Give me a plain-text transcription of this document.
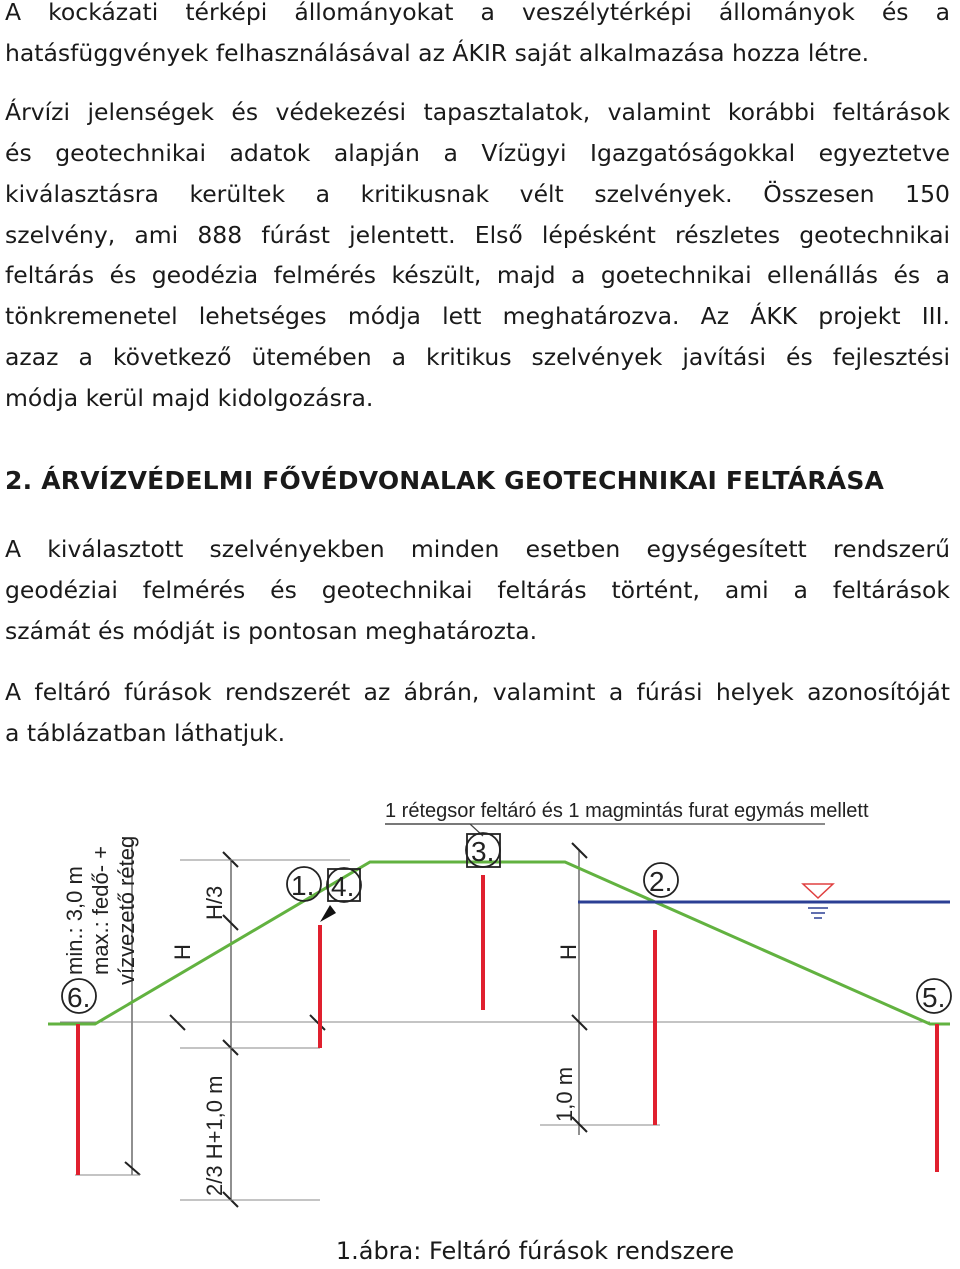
A kockázati térképi állományokat a veszélytérképi állományok és a

hatásfüggvények felhasználásával az ÁKIR saját alkalmazása hozza létre.

Árvízi jelenségek és védekezési tapasztalatok, valamint korábbi feltárások

és geotechnikai adatok alapján a Vízügyi Igazgatóságokkal egyeztetve

kiválasztásra kerültek a kritikusnak vélt szelvények. Összesen 150

szelvény, ami 888 fúrást jelentett. Első lépésként részletes geotechnikai

feltárás és geodézia felmérés készült, majd a goetechnikai ellenállás és a

tönkremenetel lehetséges módja lett meghatározva. Az ÁKK projekt III.

azaz a következő ütemében a kritikus szelvények javítási és fejlesztési

módja kerül majd kidolgozásra.

2. ÁRVÍZVÉDELMI FŐVÉDVONALAK GEOTECHNIKAI FELTÁRÁSA

A kiválasztott szelvényekben minden esetben egységesített rendszerű

geodéziai felmérés és geotechnikai feltárás történt, ami a feltárások

számát és módját is pontosan meghatározta.

A feltáró fúrások rendszerét az ábrán, valamint a fúrási helyek azonosítóját

a táblázatban láthatjuk.

1 rétegsor feltáró és 1 magmintás furat egymás mellett
1. 4.
3.
2.
6.	5.
min.: 3,0 m max.: fedő- + vízvezető réteg H
H/3
2/3 H+1,0 m
H
1,0 m
1.ábra: Feltáró fúrások rendszere
